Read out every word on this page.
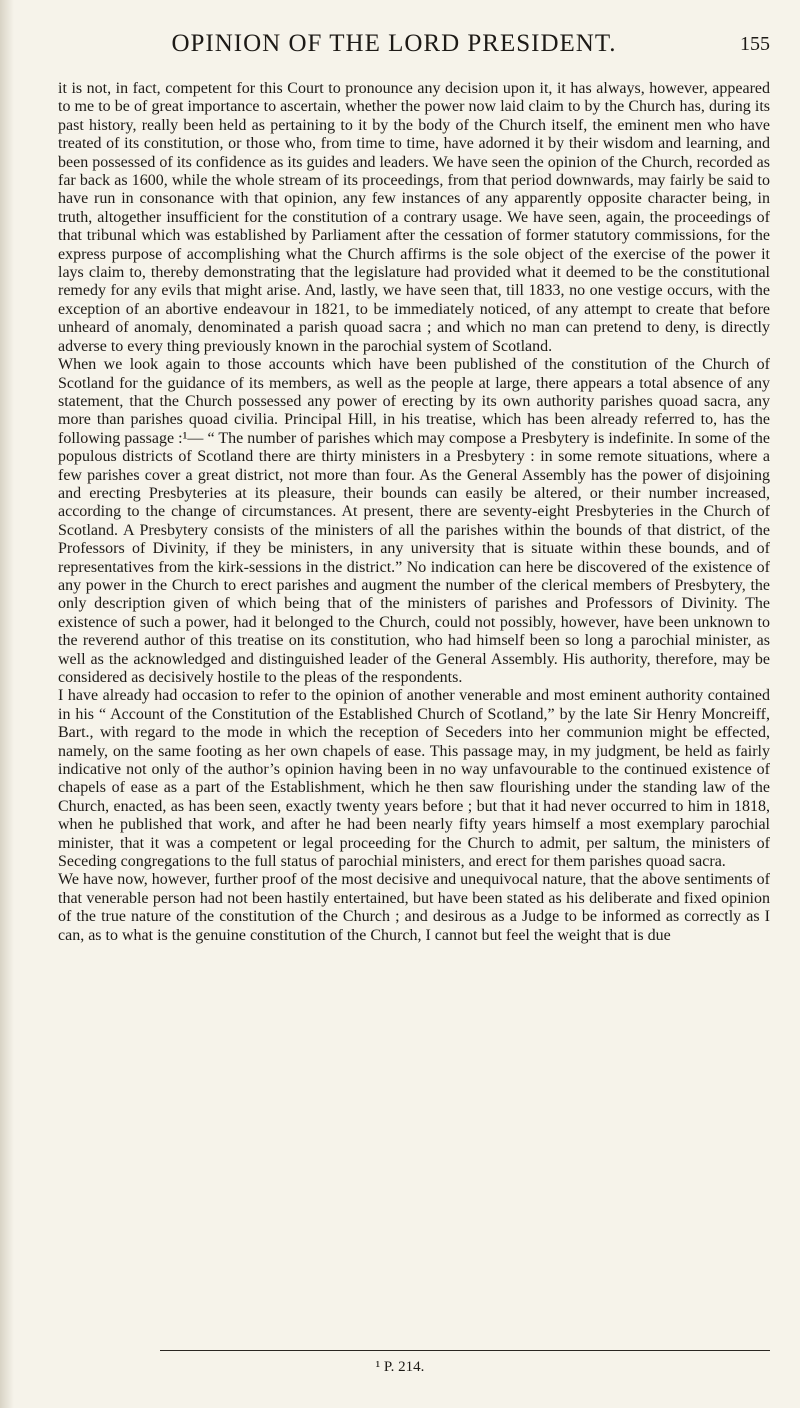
OPINION OF THE LORD PRESIDENT.	155

it is not, in fact, competent for this Court to pronounce any decision upon it, it has always, however, appeared to me to be of great importance to ascertain, whether the power now laid claim to by the Church has, during its past history, really been held as pertaining to it by the body of the Church itself, the eminent men who have treated of its constitution, or those who, from time to time, have adorned it by their wisdom and learning, and been possessed of its confidence as its guides and leaders. We have seen the opinion of the Church, recorded as far back as 1600, while the whole stream of its proceedings, from that period downwards, may fairly be said to have run in consonance with that opinion, any few instances of any apparently opposite character being, in truth, altogether insufficient for the constitution of a contrary usage. We have seen, again, the proceedings of that tribunal which was established by Parliament after the cessation of former statutory commissions, for the express purpose of accomplishing what the Church affirms is the sole object of the exercise of the power it lays claim to, thereby demonstrating that the legislature had provided what it deemed to be the constitutional remedy for any evils that might arise. And, lastly, we have seen that, till 1833, no one vestige occurs, with the exception of an abortive endeavour in 1821, to be immediately noticed, of any attempt to create that before unheard of anomaly, denominated a parish quoad sacra ; and which no man can pretend to deny, is directly adverse to every thing previously known in the parochial system of Scotland.

When we look again to those accounts which have been published of the constitution of the Church of Scotland for the guidance of its members, as well as the people at large, there appears a total absence of any statement, that the Church possessed any power of erecting by its own authority parishes quoad sacra, any more than parishes quoad civilia. Principal Hill, in his treatise, which has been already referred to, has the following passage :¹— “ The number of parishes which may compose a Presbytery is indefinite. In some of the populous districts of Scotland there are thirty ministers in a Presbytery : in some remote situations, where a few parishes cover a great district, not more than four. As the General Assembly has the power of disjoining and erecting Presbyteries at its pleasure, their bounds can easily be altered, or their number increased, according to the change of circumstances. At present, there are seventy-eight Presbyteries in the Church of Scotland. A Presbytery consists of the ministers of all the parishes within the bounds of that district, of the Professors of Divinity, if they be ministers, in any university that is situate within these bounds, and of representatives from the kirk-sessions in the district.” No indication can here be discovered of the existence of any power in the Church to erect parishes and augment the number of the clerical members of Presbytery, the only description given of which being that of the ministers of parishes and Professors of Divinity. The existence of such a power, had it belonged to the Church, could not possibly, however, have been unknown to the reverend author of this treatise on its constitution, who had himself been so long a parochial minister, as well as the acknowledged and distinguished leader of the General Assembly. His authority, therefore, may be considered as decisively hostile to the pleas of the respondents.

I have already had occasion to refer to the opinion of another venerable and most eminent authority contained in his “ Account of the Constitution of the Established Church of Scotland,” by the late Sir Henry Moncreiff, Bart., with regard to the mode in which the reception of Seceders into her communion might be effected, namely, on the same footing as her own chapels of ease. This passage may, in my judgment, be held as fairly indicative not only of the author’s opinion having been in no way unfavourable to the continued existence of chapels of ease as a part of the Establishment, which he then saw flourishing under the standing law of the Church, enacted, as has been seen, exactly twenty years before ; but that it had never occurred to him in 1818, when he published that work, and after he had been nearly fifty years himself a most exemplary parochial minister, that it was a competent or legal proceeding for the Church to admit, per saltum, the ministers of Seceding congregations to the full status of parochial ministers, and erect for them parishes quoad sacra.

We have now, however, further proof of the most decisive and unequivocal nature, that the above sentiments of that venerable person had not been hastily entertained, but have been stated as his deliberate and fixed opinion of the true nature of the constitution of the Church ; and desirous as a Judge to be informed as correctly as I can, as to what is the genuine constitution of the Church, I cannot but feel the weight that is due

¹ P. 214.
